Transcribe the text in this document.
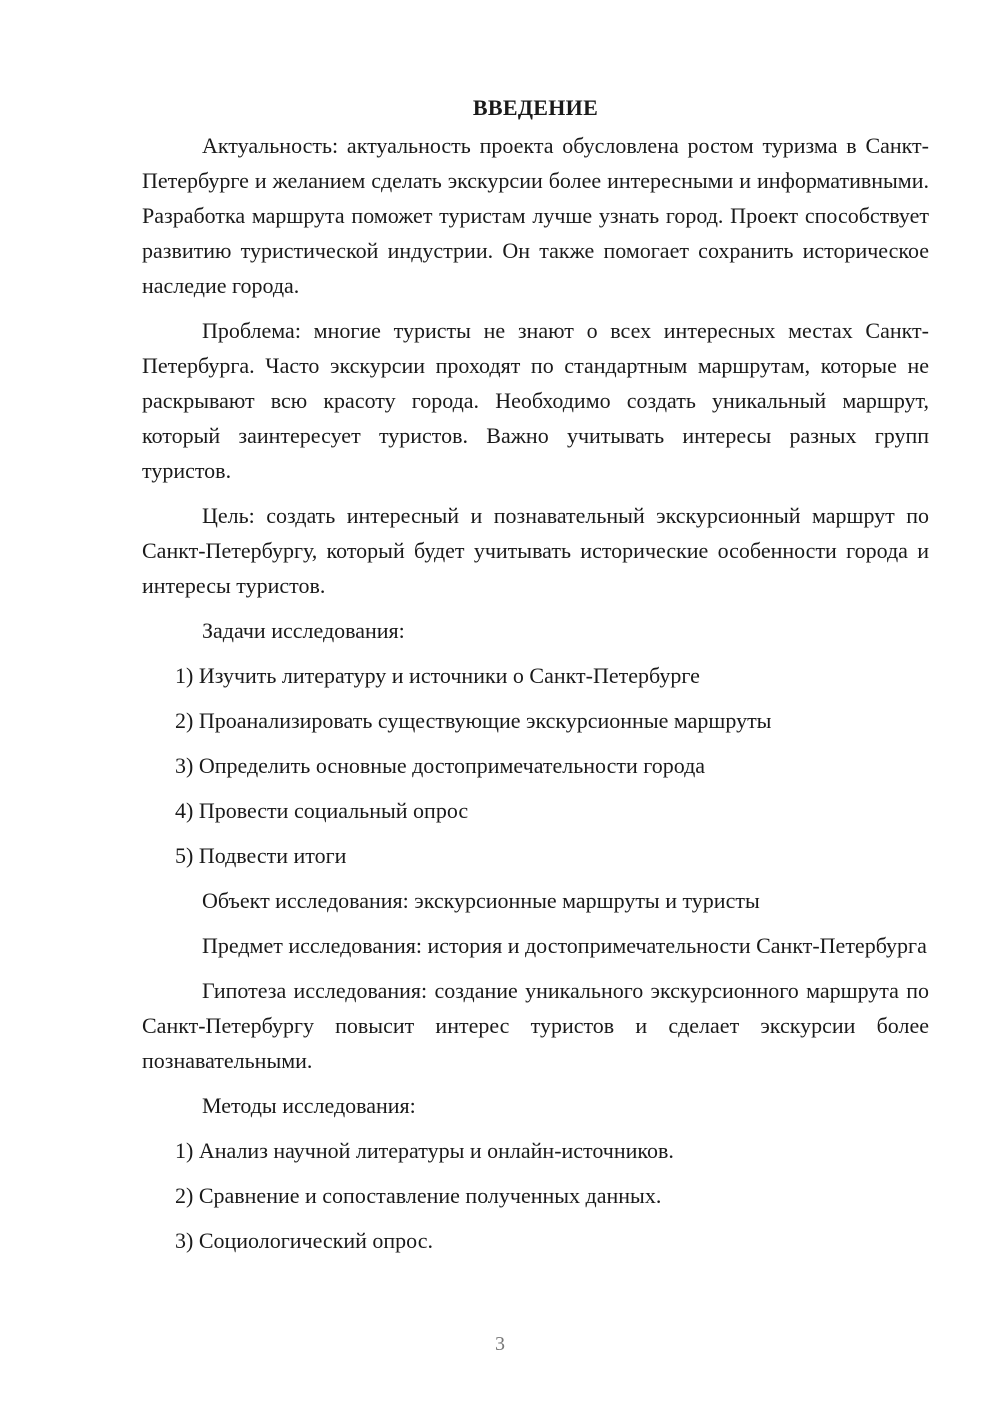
ВВЕДЕНИЕ

Актуальность: актуальность проекта обусловлена ростом туризма в Санкт-Петербурге и желанием сделать экскурсии более интересными и информативными. Разработка маршрута поможет туристам лучше узнать город. Проект способствует развитию туристической индустрии. Он также помогает сохранить историческое наследие города.

Проблема: многие туристы не знают о всех интересных местах Санкт-Петербурга. Часто экскурсии проходят по стандартным маршрутам, которые не раскрывают всю красоту города. Необходимо создать уникальный маршрут, который заинтересует туристов. Важно учитывать интересы разных групп туристов.

Цель: создать интересный и познавательный экскурсионный маршрут по Санкт-Петербургу, который будет учитывать исторические особенности города и интересы туристов.

Задачи исследования:

1) Изучить литературу и источники о Санкт-Петербурге
2) Проанализировать существующие экскурсионные маршруты
3) Определить основные достопримечательности города
4) Провести социальный опрос
5) Подвести итоги

Объект исследования: экскурсионные маршруты и туристы

Предмет исследования: история и достопримечательности Санкт-Петербурга

Гипотеза исследования: создание уникального экскурсионного маршрута по Санкт-Петербургу повысит интерес туристов и сделает экскурсии более познавательными.

Методы исследования:

1) Анализ научной литературы и онлайн-источников.
2) Сравнение и сопоставление полученных данных.
3) Социологический опрос.
3
